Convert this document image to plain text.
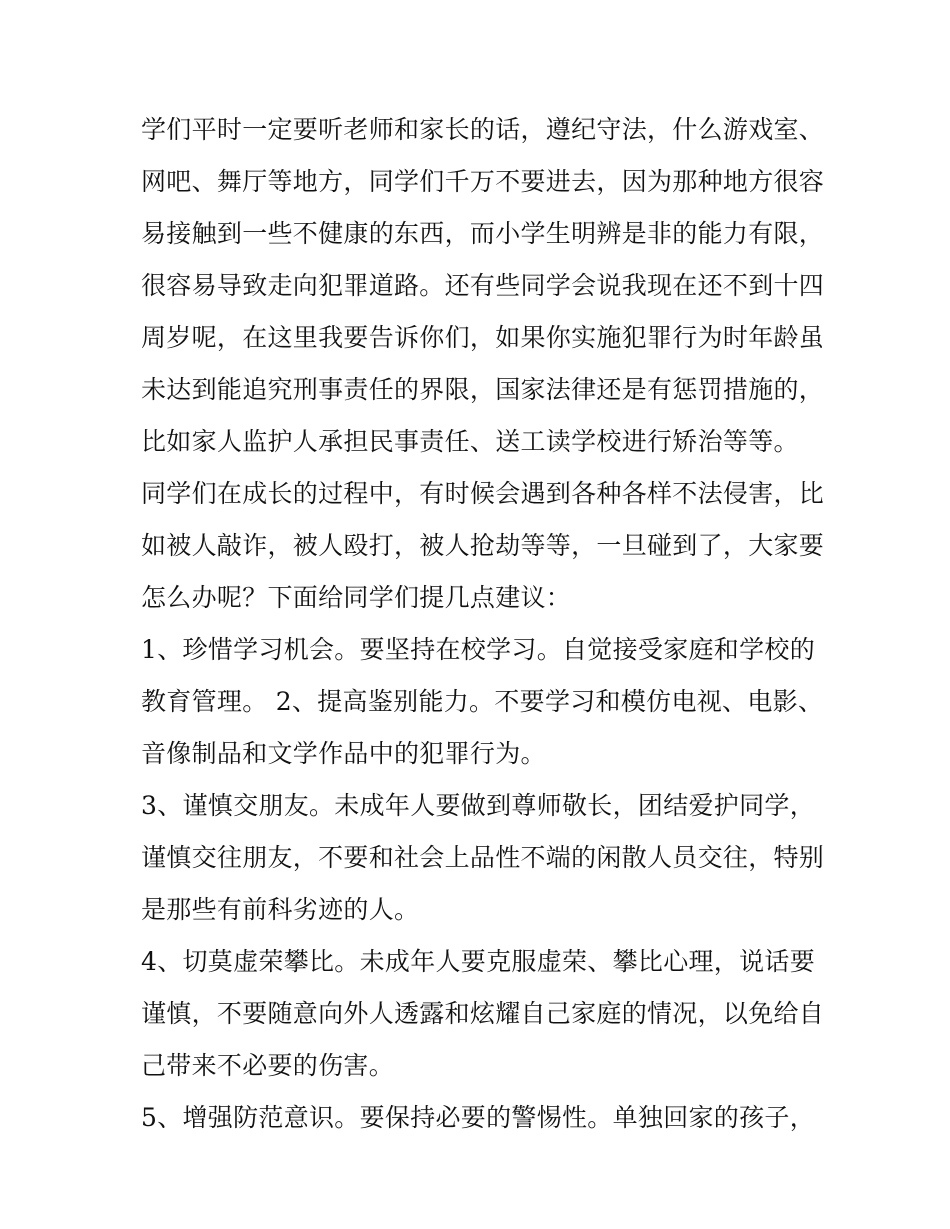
学们平时一定要听老师和家长的话，遵纪守法，什么游戏室、
网吧、舞厅等地方，同学们千万不要进去，因为那种地方很容
易接触到一些不健康的东西，而小学生明辨是非的能力有限，
很容易导致走向犯罪道路。还有些同学会说我现在还不到十四
周岁呢，在这里我要告诉你们，如果你实施犯罪行为时年龄虽
未达到能追究刑事责任的界限，国家法律还是有惩罚措施的，
比如家人监护人承担民事责任、送工读学校进行矫治等等。
同学们在成长的过程中，有时候会遇到各种各样不法侵害，比
如被人敲诈，被人殴打，被人抢劫等等，一旦碰到了，大家要
怎么办呢？下面给同学们提几点建议：
1、珍惜学习机会。要坚持在校学习。自觉接受家庭和学校的
教育管理。 2、提高鉴别能力。不要学习和模仿电视、电影、
音像制品和文学作品中的犯罪行为。
3、谨慎交朋友。未成年人要做到尊师敬长，团结爱护同学，
谨慎交往朋友，不要和社会上品性不端的闲散人员交往，特别
是那些有前科劣迹的人。
4、切莫虚荣攀比。未成年人要克服虚荣、攀比心理，说话要
谨慎，不要随意向外人透露和炫耀自己家庭的情况，以免给自
己带来不必要的伤害。
5、增强防范意识。要保持必要的警惕性。单独回家的孩子，
